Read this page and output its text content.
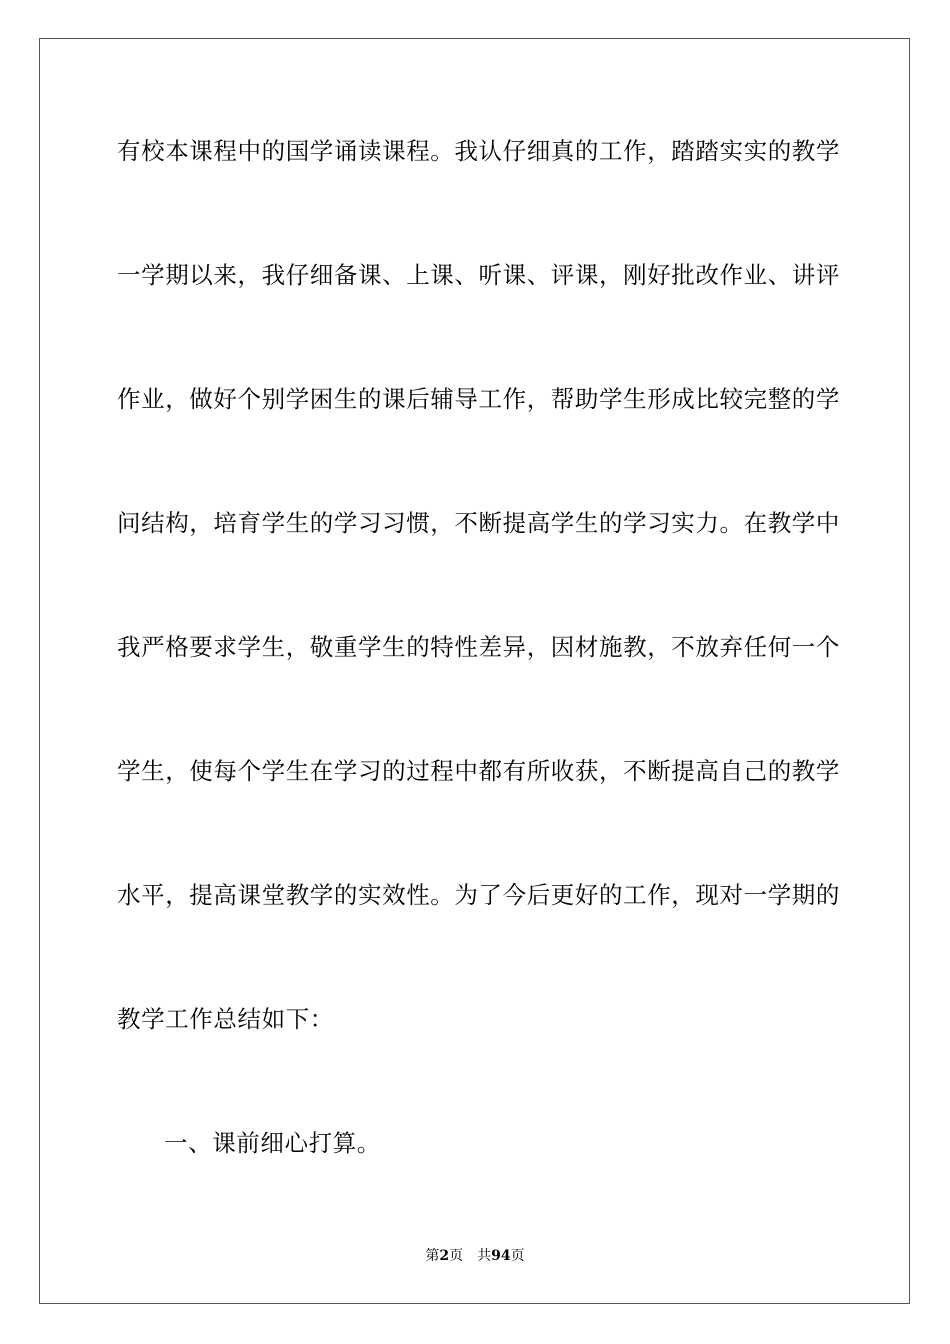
有校本课程中的国学诵读课程。我认仔细真的工作，踏踏实实的教学
一学期以来，我仔细备课、上课、听课、评课，刚好批改作业、讲评
作业，做好个别学困生的课后辅导工作，帮助学生形成比较完整的学
问结构，培育学生的学习习惯，不断提高学生的学习实力。在教学中
我严格要求学生，敬重学生的特性差异，因材施教，不放弃任何一个
学生，使每个学生在学习的过程中都有所收获，不断提高自己的教学
水平，提高课堂教学的实效性。为了今后更好的工作，现对一学期的
教学工作总结如下：
一、课前细心打算。
第2页 共94页
